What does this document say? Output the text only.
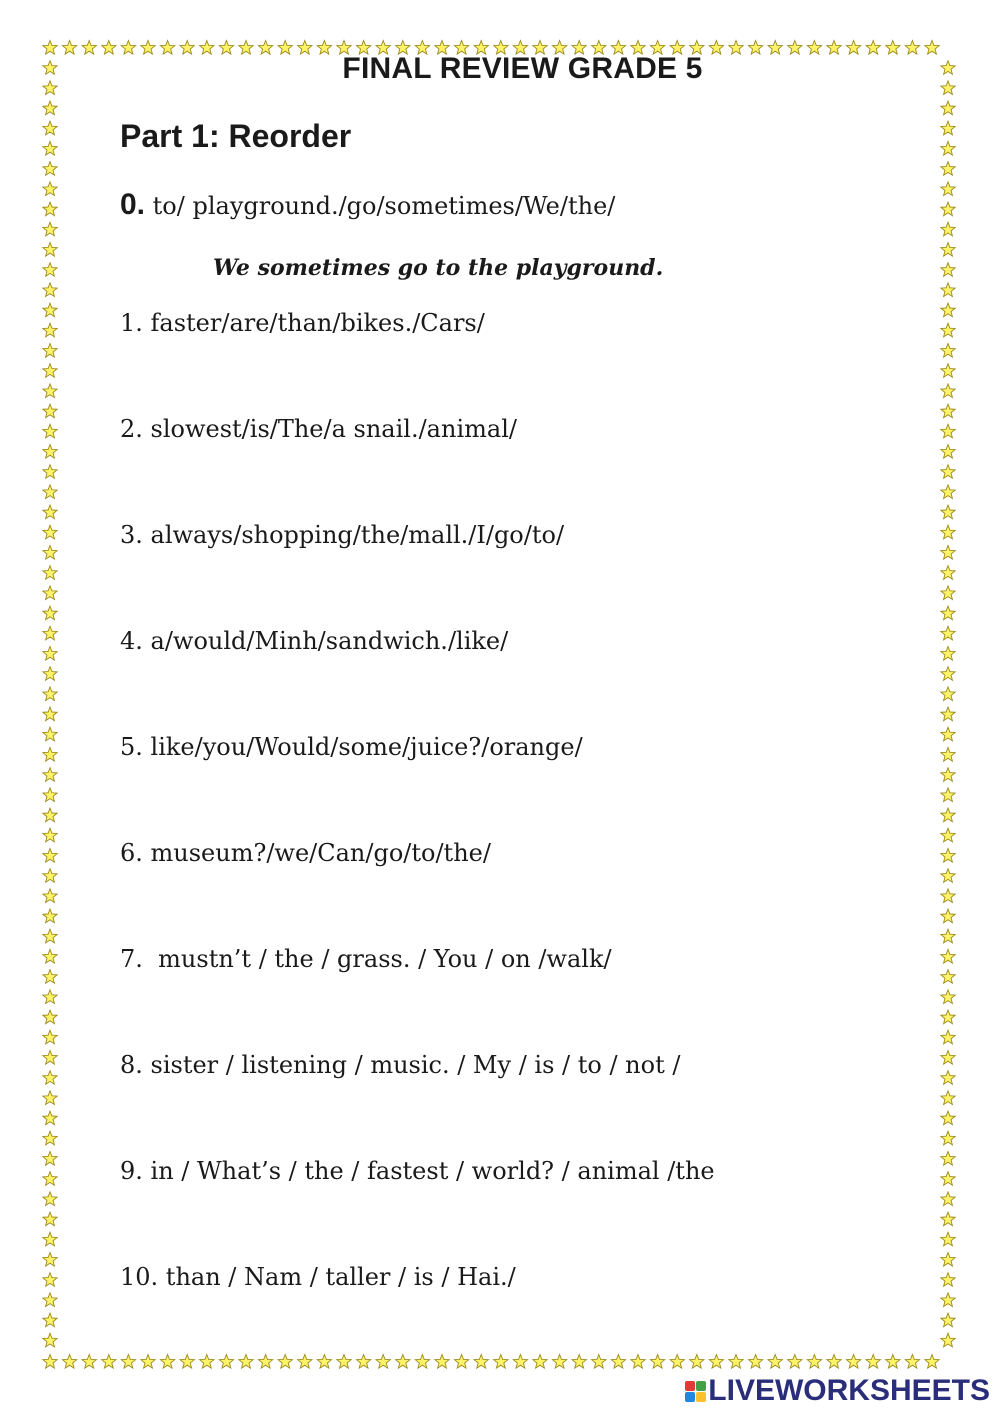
FINAL REVIEW GRADE 5
Part 1: Reorder
0. to/ playground./go/sometimes/We/the/
We sometimes go to the playground.
1. faster/are/than/bikes./Cars/
2. slowest/is/The/a snail./animal/
3. always/shopping/the/mall./I/go/to/
4. a/would/Minh/sandwich./like/
5. like/you/Would/some/juice?/orange/
6. museum?/we/Can/go/to/the/
7.  mustn’t / the / grass. / You / on /walk/
8. sister / listening / music. / My / is / to / not /
9. in / What’s / the / fastest / world? / animal /the
10. than / Nam / taller / is / Hai./
LIVEWORKSHEETS
